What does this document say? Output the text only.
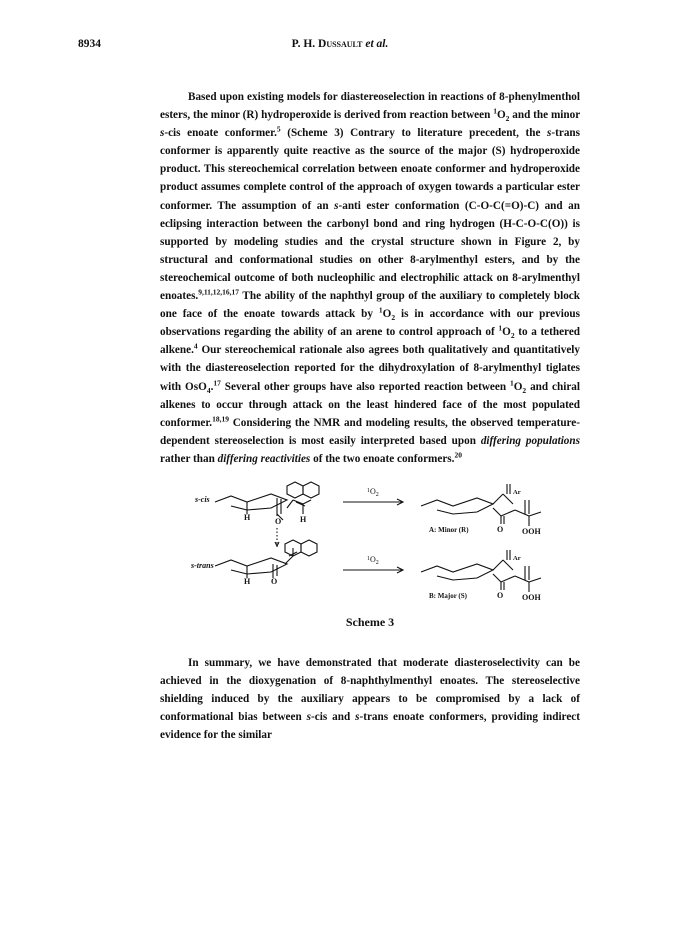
8934	P. H. Dussault et al.
Based upon existing models for diastereoselection in reactions of 8-phenylmenthol esters, the minor (R) hydroperoxide is derived from reaction between $^1O_2$ and the minor s-cis enoate conformer.$^5$ (Scheme 3) Contrary to literature precedent, the s-trans conformer is apparently quite reactive as the source of the major (S) hydroperoxide product. This stereochemical correlation between enoate conformer and hydroperoxide product assumes complete control of the approach of oxygen towards a particular ester conformer. The assumption of an s-anti ester conformation (C-O-C(=O)-C) and an eclipsing interaction between the carbonyl bond and ring hydrogen (H-C-O-C(O)) is supported by modeling studies and the crystal structure shown in Figure 2, by structural and conformational studies on other 8-arylmenthyl esters, and by the stereochemical outcome of both nucleophilic and electrophilic attack on 8-arylmenthyl enoates.$^{9,11,12,16,17}$ The ability of the naphthyl group of the auxiliary to completely block one face of the enoate towards attack by $^1O_2$ is in accordance with our previous observations regarding the ability of an arene to control approach of $^1O_2$ to a tethered alkene.$^4$ Our stereochemical rationale also agrees both qualitatively and quantitatively with the diastereoselection reported for the dihydroxylation of 8-arylmenthyl tiglates with OsO$_4$.$^{17}$ Several other groups have also reported reaction between $^1O_2$ and chiral alkenes to occur through attack on the least hindered face of the most populated conformer.$^{18,19}$ Considering the NMR and modeling results, the observed temperature-dependent stereoselection is most easily interpreted based upon differing populations rather than differing reactivities of the two enoate conformers.$^{20}$
s-cis
s-trans
H	O H
H	O
$^1O_2$
$^1O_2$
Ar
Ar
O OOH
O OOH
A: Minor (R)
B: Major (S)
Scheme 3
In summary, we have demonstrated that moderate diasteroselectivity can be achieved in the dioxygenation of 8-naphthylmenthyl enoates. The stereoselective shielding induced by the auxiliary appears to be compromised by a lack of conformational bias between s-cis and s-trans enoate conformers, providing indirect evidence for the similar
